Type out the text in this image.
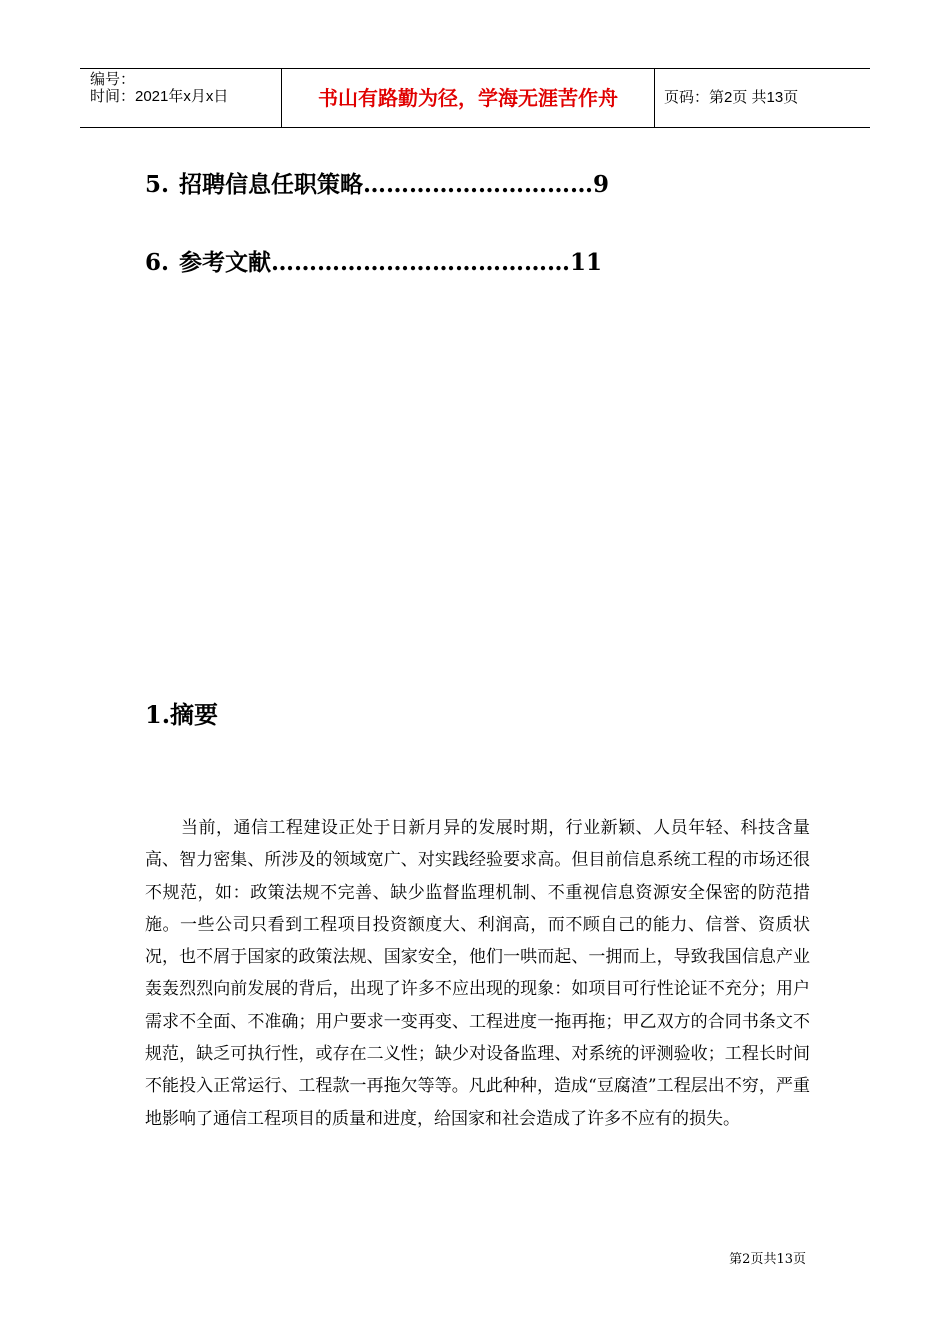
编号：
时间：2021年x月x日	书山有路勤为径，学海无涯苦作舟	页码：第2页 共13页
5. 招聘信息任职策略…………………………9
6. 参考文献…………………………………11
1.摘要

当前，通信工程建设正处于日新月异的发展时期，行业新颖、人员年轻、科技含量高、智力密集、所涉及的领域宽广、对实践经验要求高。但目前信息系统工程的市场还很不规范，如：政策法规不完善、缺少监督监理机制、不重视信息资源安全保密的防范措施。一些公司只看到工程项目投资额度大、利润高，而不顾自己的能力、信誉、资质状况，也不屑于国家的政策法规、国家安全，他们一哄而起、一拥而上，导致我国信息产业轰轰烈烈向前发展的背后，出现了许多不应出现的现象：如项目可行性论证不充分；用户需求不全面、不准确；用户要求一变再变、工程进度一拖再拖；甲乙双方的合同书条文不规范，缺乏可执行性，或存在二义性；缺少对设备监理、对系统的评测验收；工程长时间不能投入正常运行、工程款一再拖欠等等。凡此种种，造成“豆腐渣”工程层出不穷，严重地影响了通信工程项目的质量和进度，给国家和社会造成了许多不应有的损失。

第2页共13页
